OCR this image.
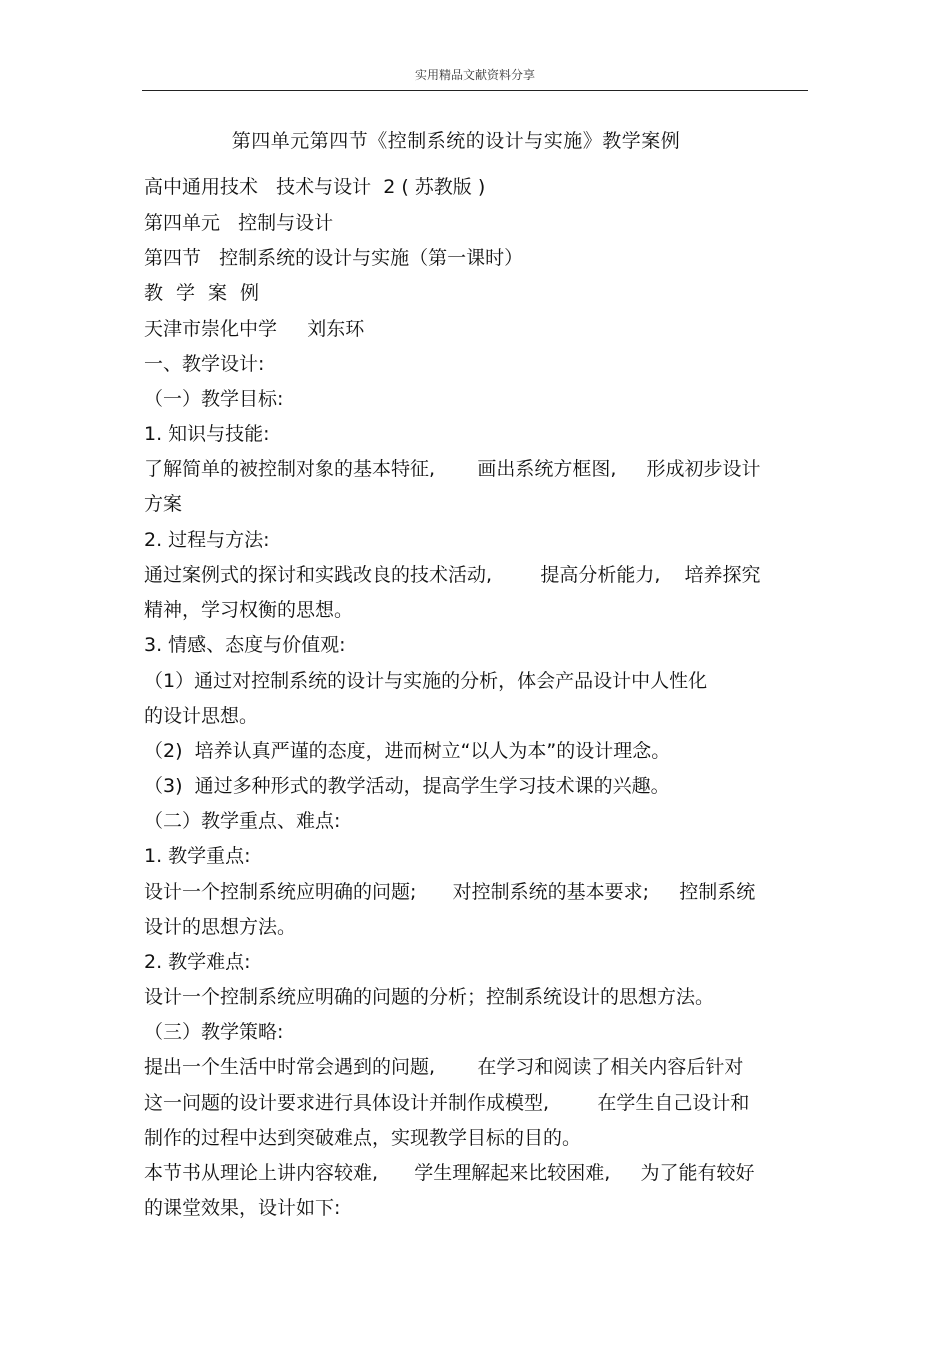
实用精品文献资料分享
第四单元第四节《控制系统的设计与实施》教学案例
高中通用技术   技术与设计  2 ( 苏教版 )
第四单元   控制与设计
第四节   控制系统的设计与实施（第一课时）
教学案例
天津市崇化中学     刘东环
一、教学设计:
（一）教学目标:
1. 知识与技能:
了解简单的被控制对象的基本特征,       画出系统方框图,     形成初步设计
方案
2. 过程与方法:
通过案例式的探讨和实践改良的技术活动,        提高分析能力,    培养探究
精神，学习权衡的思想。
3. 情感、态度与价值观:
（1）通过对控制系统的设计与实施的分析，体会产品设计中人性化
的设计思想。
（2)  培养认真严谨的态度，进而树立“以人为本”的设计理念。
（3)  通过多种形式的教学活动，提高学生学习技术课的兴趣。
（二）教学重点、难点:
1. 教学重点:
设计一个控制系统应明确的问题;      对控制系统的基本要求;     控制系统
设计的思想方法。
2. 教学难点:
设计一个控制系统应明确的问题的分析；控制系统设计的思想方法。
（三）教学策略:
提出一个生活中时常会遇到的问题,       在学习和阅读了相关内容后针对
这一问题的设计要求进行具体设计并制作成模型,        在学生自己设计和
制作的过程中达到突破难点，实现教学目标的目的。
本节书从理论上讲内容较难,      学生理解起来比较困难,     为了能有较好
的课堂效果，设计如下:
